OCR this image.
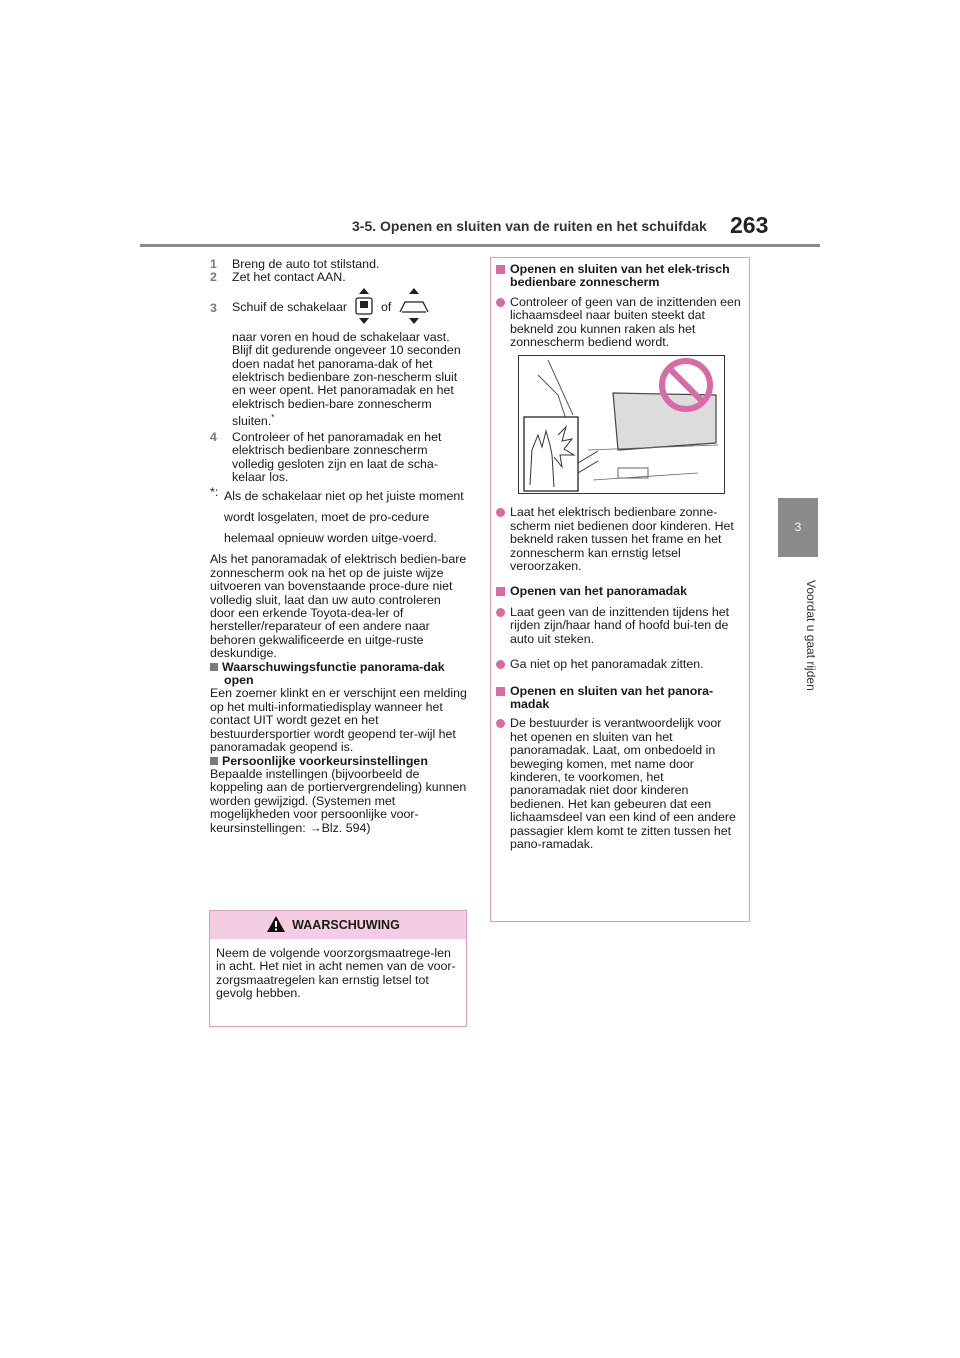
3-5. Openen en sluiten van de ruiten en het schuifdak 263
3
Voordat u gaat rijden
1	Breng de auto tot stilstand.
2	Zet het contact AAN.
3	Schuif de schakelaar	of
naar voren en houd de schakelaar vast. Blijf dit gedurende ongeveer 10 seconden doen nadat het panorama-dak of het elektrisch bedienbare zon-nescherm sluit en weer opent. Het panoramadak en het elektrisch bedien-bare zonnescherm sluiten.*
4	Controleer of het panoramadak en het elektrisch bedienbare zonnescherm volledig gesloten zijn en laat de scha-kelaar los.
*: Als de schakelaar niet op het juiste moment wordt losgelaten, moet de pro-cedure helemaal opnieuw worden uitge-voerd.

Als het panoramadak of elektrisch bedien-bare zonnescherm ook na het op de juiste wijze uitvoeren van bovenstaande proce-dure niet volledig sluit, laat dan uw auto controleren door een erkende Toyota-dea-ler of hersteller/reparateur of een andere naar behoren gekwalificeerde en uitge-ruste deskundige.

Waarschuwingsfunctie panorama-dak open

Een zoemer klinkt en er verschijnt een melding op het multi-informatiedisplay wanneer het contact UIT wordt gezet en het bestuurdersportier wordt geopend ter-wijl het panoramadak geopend is.

Persoonlijke voorkeursinstellingen

Bepaalde instellingen (bijvoorbeeld de koppeling aan de portiervergrendeling) kunnen worden gewijzigd. (Systemen met mogelijkheden voor persoonlijke voor-keursinstellingen: →Blz. 594)

WAARSCHUWING
Neem de volgende voorzorgsmaatrege-len in acht. Het niet in acht nemen van de voor-zorgsmaatregelen kan ernstig letsel tot gevolg hebben.
Openen en sluiten van het elek-trisch bedienbare zonnescherm
Controleer of geen van de inzittenden een lichaamsdeel naar buiten steekt dat bekneld zou kunnen raken als het zonnescherm bediend wordt.
Laat het elektrisch bedienbare zonne-scherm niet bedienen door kinderen. Het bekneld raken tussen het frame en het zonnescherm kan ernstig letsel veroorzaken.
Openen van het panoramadak
Laat geen van de inzittenden tijdens het rijden zijn/haar hand of hoofd bui-ten de auto uit steken.
Ga niet op het panoramadak zitten.
Openen en sluiten van het panora-madak
De bestuurder is verantwoordelijk voor het openen en sluiten van het panoramadak. Laat, om onbedoeld in beweging komen, met name door kinderen, te voorkomen, het panoramadak niet door kinderen bedienen. Het kan gebeuren dat een lichaamsdeel van een kind of een andere passagier klem komt te zitten tussen het pano-ramadak.
